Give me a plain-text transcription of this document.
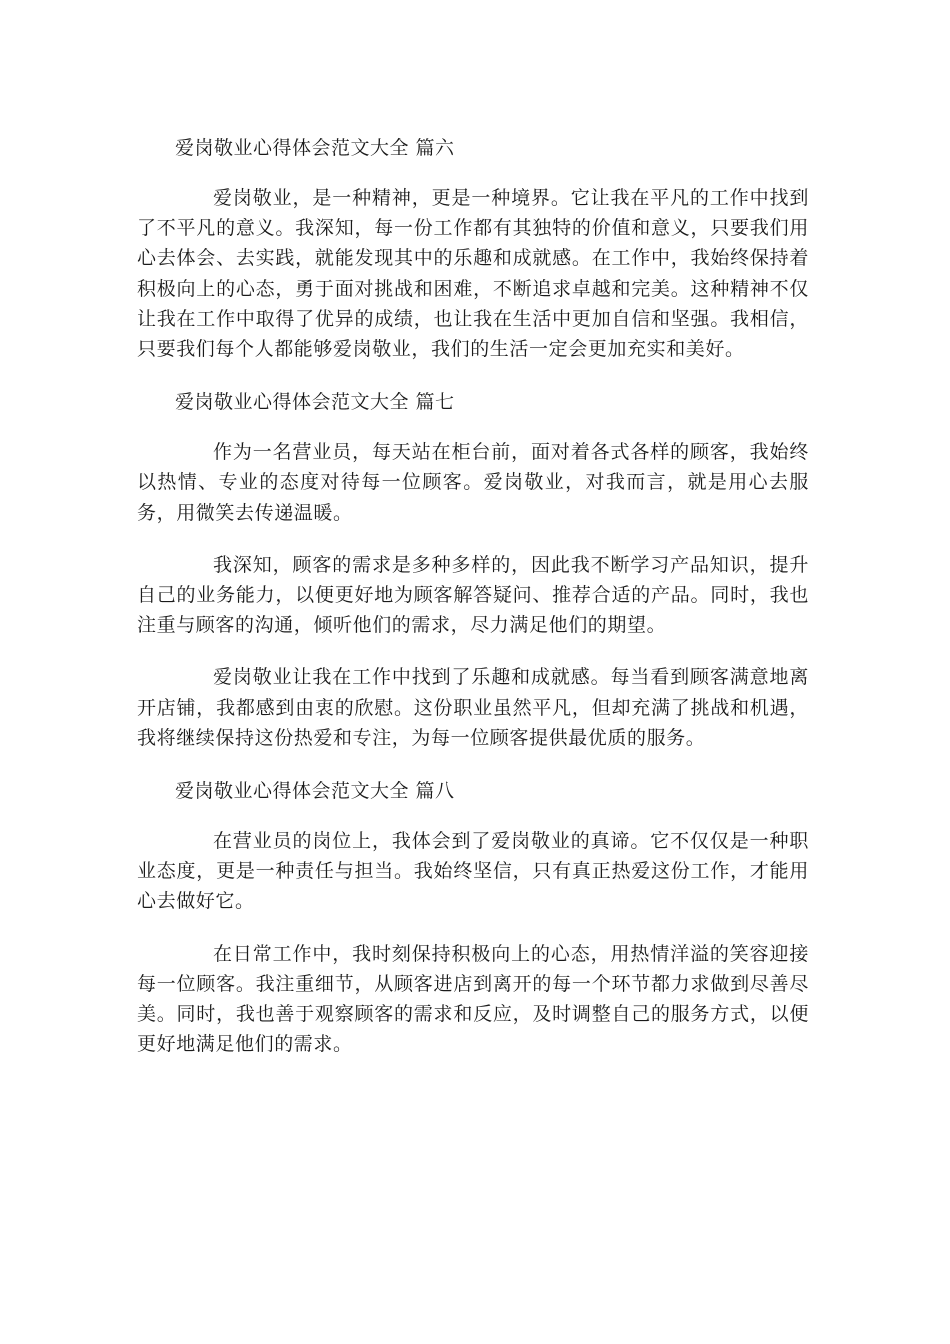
爱岗敬业心得体会范文大全 篇六

爱岗敬业，是一种精神，更是一种境界。它让我在平凡的工作中找到了不平凡的意义。我深知，每一份工作都有其独特的价值和意义，只要我们用心去体会、去实践，就能发现其中的乐趣和成就感。在工作中，我始终保持着积极向上的心态，勇于面对挑战和困难，不断追求卓越和完美。这种精神不仅让我在工作中取得了优异的成绩，也让我在生活中更加自信和坚强。我相信，只要我们每个人都能够爱岗敬业，我们的生活一定会更加充实和美好。

爱岗敬业心得体会范文大全 篇七

作为一名营业员，每天站在柜台前，面对着各式各样的顾客，我始终以热情、专业的态度对待每一位顾客。爱岗敬业，对我而言，就是用心去服务，用微笑去传递温暖。

我深知，顾客的需求是多种多样的，因此我不断学习产品知识，提升自己的业务能力，以便更好地为顾客解答疑问、推荐合适的产品。同时，我也注重与顾客的沟通，倾听他们的需求，尽力满足他们的期望。

爱岗敬业让我在工作中找到了乐趣和成就感。每当看到顾客满意地离开店铺，我都感到由衷的欣慰。这份职业虽然平凡，但却充满了挑战和机遇，我将继续保持这份热爱和专注，为每一位顾客提供最优质的服务。

爱岗敬业心得体会范文大全 篇八

在营业员的岗位上，我体会到了爱岗敬业的真谛。它不仅仅是一种职业态度，更是一种责任与担当。我始终坚信，只有真正热爱这份工作，才能用心去做好它。

在日常工作中，我时刻保持积极向上的心态，用热情洋溢的笑容迎接每一位顾客。我注重细节，从顾客进店到离开的每一个环节都力求做到尽善尽美。同时，我也善于观察顾客的需求和反应，及时调整自己的服务方式，以便更好地满足他们的需求。
